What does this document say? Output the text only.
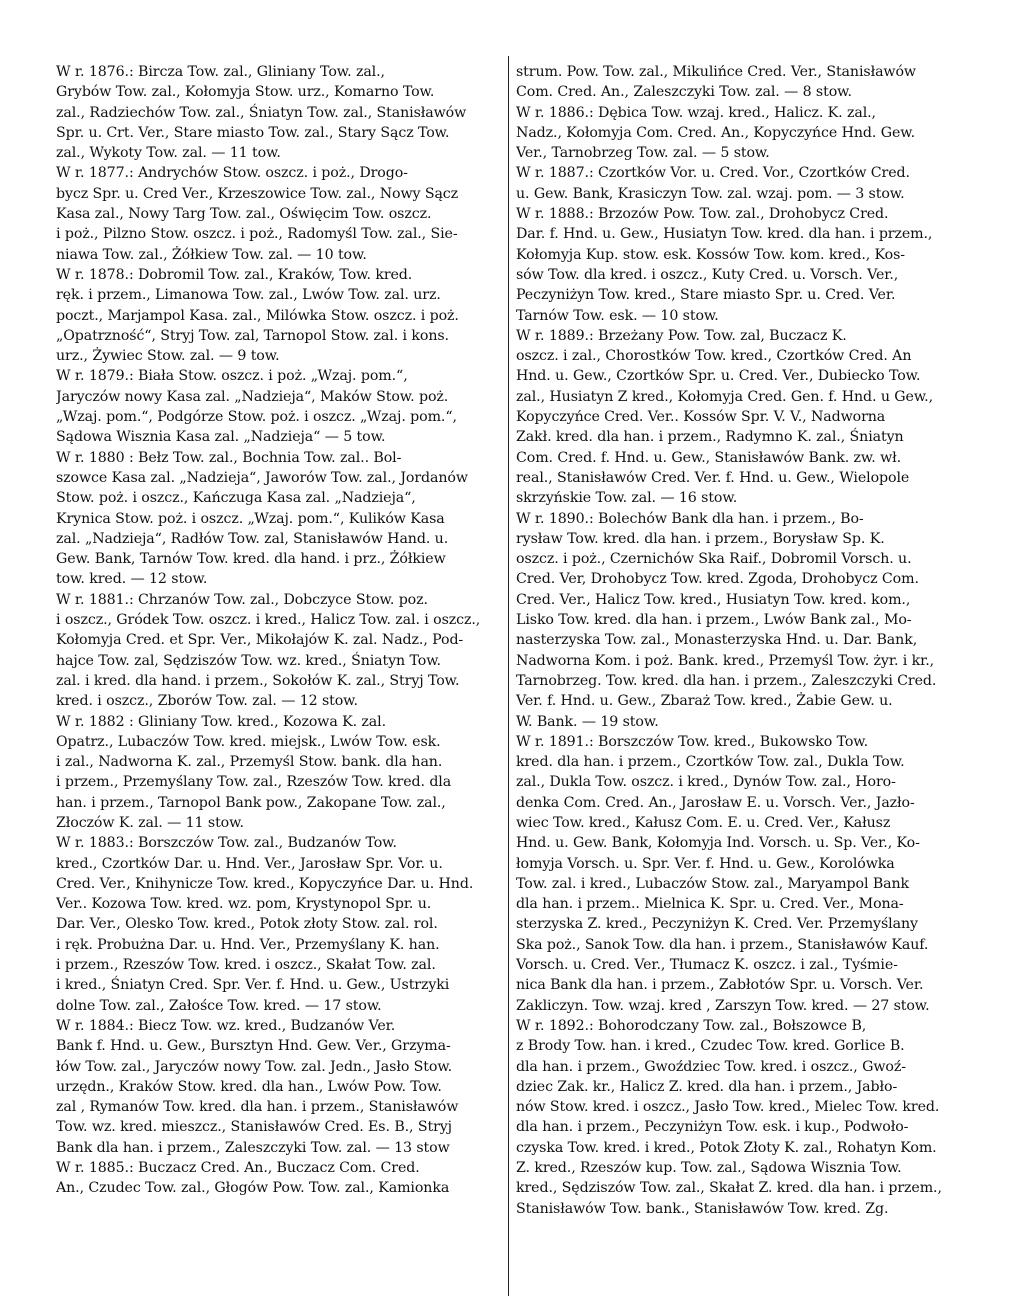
W r. 1876.: Bircza Tow. zal., Gliniany Tow. zal.,
Grybów Tow. zal., Kołomyja Stow. urz., Komarno Tow.
zal., Radziechów Tow. zal., Śniatyn Tow. zal., Stanisławów
Spr. u. Crt. Ver., Stare miasto Tow. zal., Stary Sącz Tow.
zal., Wykoty Tow. zal. — 11 tow.
W r. 1877.: Andrychów Stow. oszcz. i poż., Drogo-
bycz Spr. u. Cred Ver., Krzeszowice Tow. zal., Nowy Sącz
Kasa zal., Nowy Targ Tow. zal., Oświęcim Tow. oszcz.
i poż., Pilzno Stow. oszcz. i poż., Radomyśl Tow. zal., Sie-
niawa Tow. zal., Żółkiew Tow. zal. — 10 tow.
W r. 1878.: Dobromil Tow. zal., Kraków, Tow. kred.
ręk. i przem., Limanowa Tow. zal., Lwów Tow. zal. urz.
poczt., Marjampol Kasa. zal., Milówka Stow. oszcz. i poż.
„Opatrzność“, Stryj Tow. zal, Tarnopol Stow. zal. i kons.
urz., Żywiec Stow. zal. — 9 tow.
W r. 1879.: Biała Stow. oszcz. i poż. „Wzaj. pom.“,
Jaryczów nowy Kasa zal. „Nadzieja“, Maków Stow. poż.
„Wzaj. pom.“, Podgórze Stow. poż. i oszcz. „Wzaj. pom.“,
Sądowa Wisznia Kasa zal. „Nadzieja“ — 5 tow.
W r. 1880 : Bełz Tow. zal., Bochnia Tow. zal.. Bol-
szowce Kasa zal. „Nadzieja“, Jaworów Tow. zal., Jordanów
Stow. poż. i oszcz., Kańczuga Kasa zal. „Nadzieja“,
Krynica Stow. poż. i oszcz. „Wzaj. pom.“, Kulików Kasa
zal. „Nadzieja“, Radłów Tow. zal, Stanisławów Hand. u.
Gew. Bank, Tarnów Tow. kred. dla hand. i prz., Żółkiew
tow. kred. — 12 stow.
W r. 1881.: Chrzanów Tow. zal., Dobczyce Stow. poz.
i oszcz., Gródek Tow. oszcz. i kred., Halicz Tow. zal. i oszcz.,
Kołomyja Cred. et Spr. Ver., Mikołajów K. zal. Nadz., Pod-
hajce Tow. zal, Sędziszów Tow. wz. kred., Śniatyn Tow.
zal. i kred. dla hand. i przem., Sokołów K. zal., Stryj Tow.
kred. i oszcz., Zborów Tow. zal. — 12 stow.
W r. 1882 : Gliniany Tow. kred., Kozowa K. zal.
Opatrz., Lubaczów Tow. kred. miejsk., Lwów Tow. esk.
i zal., Nadworna K. zal., Przemyśl Stow. bank. dla han.
i przem., Przemyślany Tow. zal., Rzeszów Tow. kred. dla
han. i przem., Tarnopol Bank pow., Zakopane Tow. zal.,
Złoczów K. zal. — 11 stow.
W r. 1883.: Borszczów Tow. zal., Budzanów Tow.
kred., Czortków Dar. u. Hnd. Ver., Jarosław Spr. Vor. u.
Cred. Ver., Knihynicze Tow. kred., Kopyczyńce Dar. u. Hnd.
Ver.. Kozowa Tow. kred. wz. pom, Krystynopol Spr. u.
Dar. Ver., Olesko Tow. kred., Potok złoty Stow. zal. rol.
i ręk. Probużna Dar. u. Hnd. Ver., Przemyślany K. han.
i przem., Rzeszów Tow. kred. i oszcz., Skałat Tow. zal.
i kred., Śniatyn Cred. Spr. Ver. f. Hnd. u. Gew., Ustrzyki
dolne Tow. zal., Załośce Tow. kred. — 17 stow.
W r. 1884.: Biecz Tow. wz. kred., Budzanów Ver.
Bank f. Hnd. u. Gew., Bursztyn Hnd. Gew. Ver., Grzyma-
łów Tow. zal., Jaryczów nowy Tow. zal. Jedn., Jasło Stow.
urzędn., Kraków Stow. kred. dla han., Lwów Pow. Tow.
zal , Rymanów Tow. kred. dla han. i przem., Stanisławów
Tow. wz. kred. mieszcz., Stanisławów Cred. Es. B., Stryj
Bank dla han. i przem., Zaleszczyki Tow. zal. — 13 stow
W r. 1885.: Buczacz Cred. An., Buczacz Com. Cred.
An., Czudec Tow. zal., Głogów Pow. Tow. zal., Kamionka
strum. Pow. Tow. zal., Mikulińce Cred. Ver., Stanisławów
Com. Cred. An., Zaleszczyki Tow. zal. — 8 stow.
W r. 1886.: Dębica Tow. wzaj. kred., Halicz. K. zal.,
Nadz., Kołomyja Com. Cred. An., Kopyczyńce Hnd. Gew.
Ver., Tarnobrzeg Tow. zal. — 5 stow.
W r. 1887.: Czortków Vor. u. Cred. Vor., Czortków Cred.
u. Gew. Bank, Krasiczyn Tow. zal. wzaj. pom. — 3 stow.
W r. 1888.: Brzozów Pow. Tow. zal., Drohobycz Cred.
Dar. f. Hnd. u. Gew., Husiatyn Tow. kred. dla han. i przem.,
Kołomyja Kup. stow. esk. Kossów Tow. kom. kred., Kos-
sów Tow. dla kred. i oszcz., Kuty Cred. u. Vorsch. Ver.,
Peczyniżyn Tow. kred., Stare miasto Spr. u. Cred. Ver.
Tarnów Tow. esk. — 10 stow.
W r. 1889.: Brzeżany Pow. Tow. zal, Buczacz K.
oszcz. i zal., Chorostków Tow. kred., Czortków Cred. An
Hnd. u. Gew., Czortków Spr. u. Cred. Ver., Dubiecko Tow.
zal., Husiatyn Z kred., Kołomyja Cred. Gen. f. Hnd. u Gew.,
Kopyczyńce Cred. Ver.. Kossów Spr. V. V., Nadworna
Zakł. kred. dla han. i przem., Radymno K. zal., Śniatyn
Com. Cred. f. Hnd. u. Gew., Stanisławów Bank. zw. wł.
real., Stanisławów Cred. Ver. f. Hnd. u. Gew., Wielopole
skrzyńskie Tow. zal. — 16 stow.
W r. 1890.: Bolechów Bank dla han. i przem., Bo-
rysław Tow. kred. dla han. i przem., Borysław Sp. K.
oszcz. i poż., Czernichów Ska Raif., Dobromil Vorsch. u.
Cred. Ver, Drohobycz Tow. kred. Zgoda, Drohobycz Com.
Cred. Ver., Halicz Tow. kred., Husiatyn Tow. kred. kom.,
Lisko Tow. kred. dla han. i przem., Lwów Bank zal., Mo-
nasterzyska Tow. zal., Monasterzyska Hnd. u. Dar. Bank,
Nadworna Kom. i poż. Bank. kred., Przemyśl Tow. żyr. i kr.,
Tarnobrzeg. Tow. kred. dla han. i przem., Zaleszczyki Cred.
Ver. f. Hnd. u. Gew., Zbaraż Tow. kred., Żabie Gew. u.
W. Bank. — 19 stow.
W r. 1891.: Borszczów Tow. kred., Bukowsko Tow.
kred. dla han. i przem., Czortków Tow. zal., Dukla Tow.
zal., Dukla Tow. oszcz. i kred., Dynów Tow. zal., Horo-
denka Com. Cred. An., Jarosław E. u. Vorsch. Ver., Jazło-
wiec Tow. kred., Kałusz Com. E. u. Cred. Ver., Kałusz
Hnd. u. Gew. Bank, Kołomyja Ind. Vorsch. u. Sp. Ver., Ko-
łomyja Vorsch. u. Spr. Ver. f. Hnd. u. Gew., Korolówka
Tow. zal. i kred., Lubaczów Stow. zal., Maryampol Bank
dla han. i przem.. Mielnica K. Spr. u. Cred. Ver., Mona-
sterzyska Z. kred., Peczyniżyn K. Cred. Ver. Przemyślany
Ska poż., Sanok Tow. dla han. i przem., Stanisławów Kauf.
Vorsch. u. Cred. Ver., Tłumacz K. oszcz. i zal., Tyśmie-
nica Bank dla han. i przem., Zabłotów Spr. u. Vorsch. Ver.
Zakliczyn. Tow. wzaj. kred , Zarszyn Tow. kred. — 27 stow.
W r. 1892.: Bohorodczany Tow. zal., Bołszowce B,
z Brody Tow. han. i kred., Czudec Tow. kred. Gorlice B.
dla han. i przem., Gwoździec Tow. kred. i oszcz., Gwoź-
dziec Zak. kr., Halicz Z. kred. dla han. i przem., Jabło-
nów Stow. kred. i oszcz., Jasło Tow. kred., Mielec Tow. kred.
dla han. i przem., Peczyniżyn Tow. esk. i kup., Podwoło-
czyska Tow. kred. i kred., Potok Złoty K. zal., Rohatyn Kom.
Z. kred., Rzeszów kup. Tow. zal., Sądowa Wisznia Tow.
kred., Sędziszów Tow. zal., Skałat Z. kred. dla han. i przem.,
Stanisławów Tow. bank., Stanisławów Tow. kred. Zg.
